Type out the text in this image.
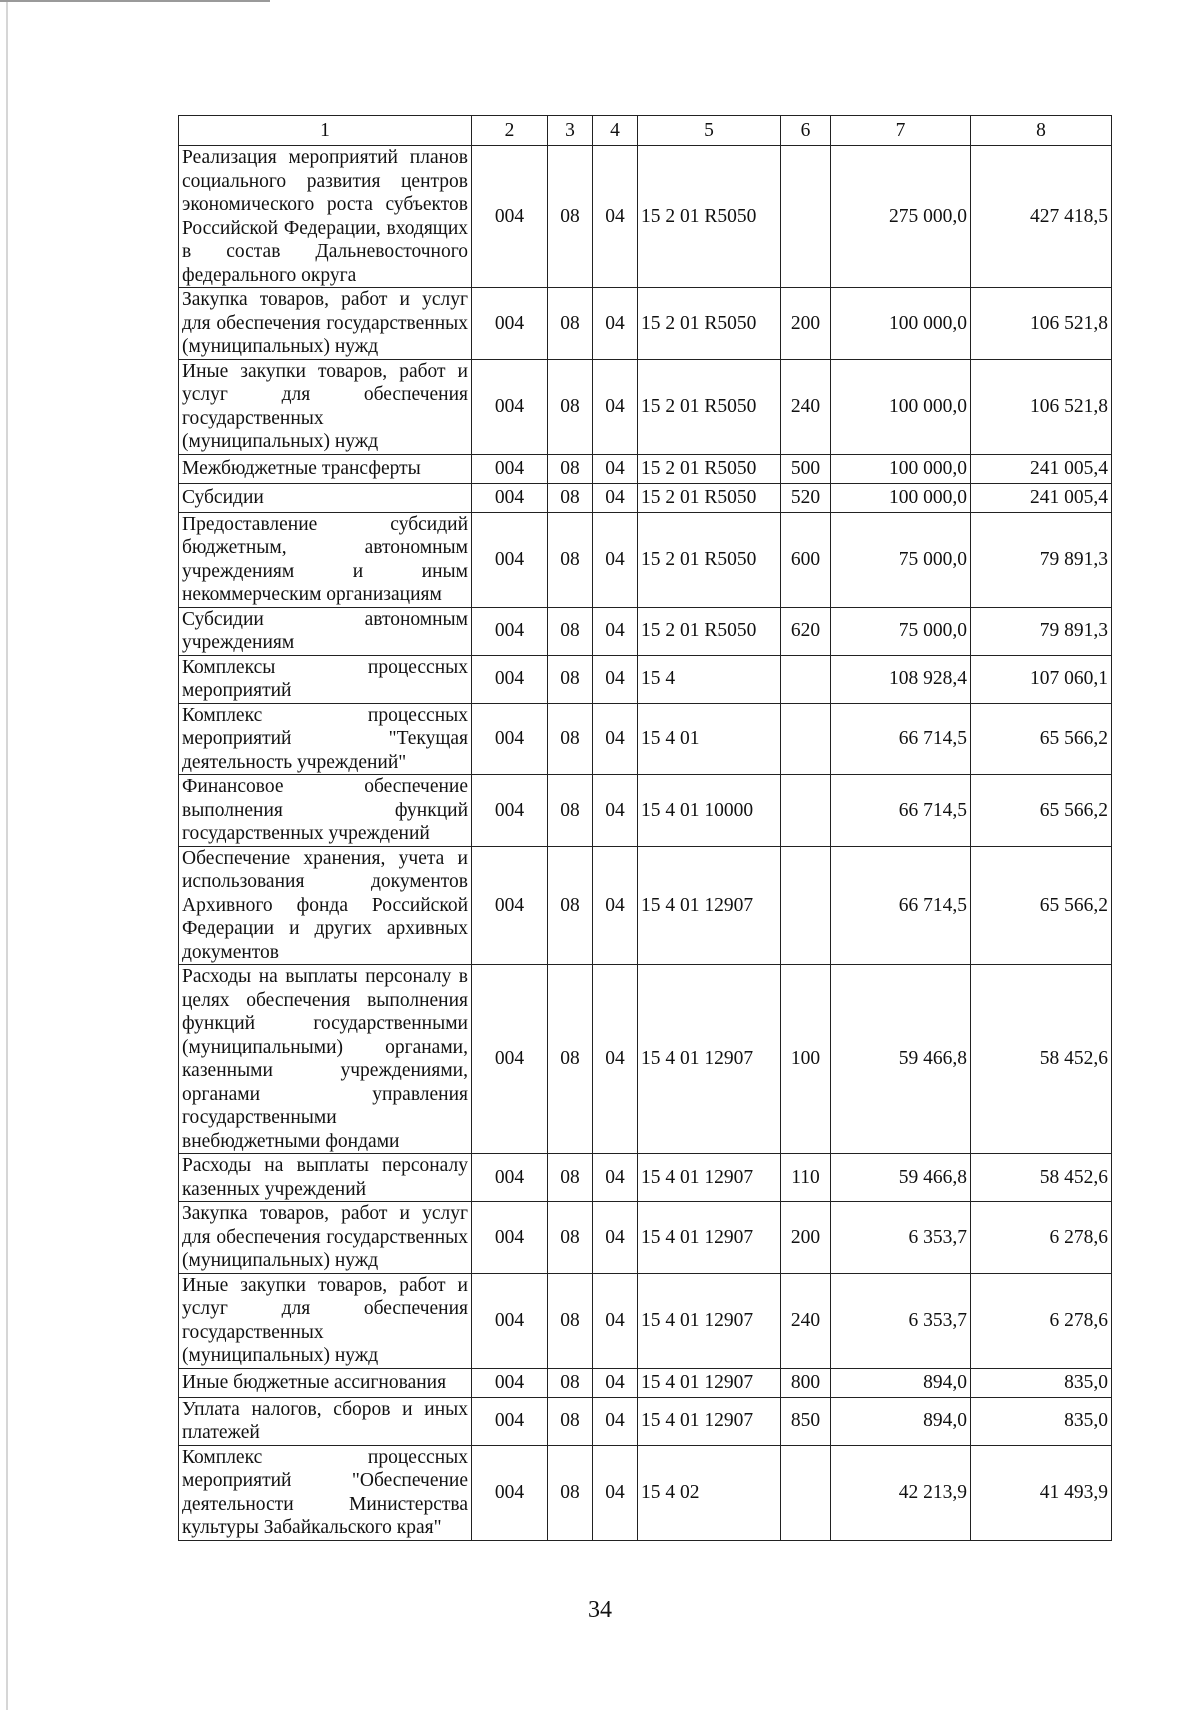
1	2	3	4	5	6	7	8
Реализация мероприятий планов социального развития центров экономического роста субъектов Российской Федерации, входящих в состав Дальневосточного федерального округа	004	08	04	15 2 01 R5050		275 000,0	427 418,5
Закупка товаров, работ и услуг для обеспечения государственных (муниципальных) нужд	004	08	04	15 2 01 R5050	200	100 000,0	106 521,8
Иные закупки товаров, работ и услуг для обеспечения государственных (муниципальных) нужд	004	08	04	15 2 01 R5050	240	100 000,0	106 521,8
Межбюджетные трансферты	004	08	04	15 2 01 R5050	500	100 000,0	241 005,4
Субсидии	004	08	04	15 2 01 R5050	520	100 000,0	241 005,4
Предоставление субсидий бюджетным, автономным учреждениям и иным некоммерческим организациям	004	08	04	15 2 01 R5050	600	75 000,0	79 891,3
Субсидии автономным учреждениям	004	08	04	15 2 01 R5050	620	75 000,0	79 891,3
Комплексы процессных мероприятий	004	08	04	15 4		108 928,4	107 060,1
Комплекс процессных мероприятий "Текущая деятельность учреждений"	004	08	04	15 4 01		66 714,5	65 566,2
Финансовое обеспечение выполнения функций государственных учреждений	004	08	04	15 4 01 10000		66 714,5	65 566,2
Обеспечение хранения, учета и использования документов Архивного фонда Российской Федерации и других архивных документов	004	08	04	15 4 01 12907		66 714,5	65 566,2
Расходы на выплаты персоналу в целях обеспечения выполнения функций государственными (муниципальными) органами, казенными учреждениями, органами управления государственными внебюджетными фондами	004	08	04	15 4 01 12907	100	59 466,8	58 452,6
Расходы на выплаты персоналу казенных учреждений	004	08	04	15 4 01 12907	110	59 466,8	58 452,6
Закупка товаров, работ и услуг для обеспечения государственных (муниципальных) нужд	004	08	04	15 4 01 12907	200	6 353,7	6 278,6
Иные закупки товаров, работ и услуг для обеспечения государственных (муниципальных) нужд	004	08	04	15 4 01 12907	240	6 353,7	6 278,6
Иные бюджетные ассигнования	004	08	04	15 4 01 12907	800	894,0	835,0
Уплата налогов, сборов и иных платежей	004	08	04	15 4 01 12907	850	894,0	835,0
Комплекс процессных мероприятий "Обеспечение деятельности Министерства культуры Забайкальского края"	004	08	04	15 4 02		42 213,9	41 493,9
34
